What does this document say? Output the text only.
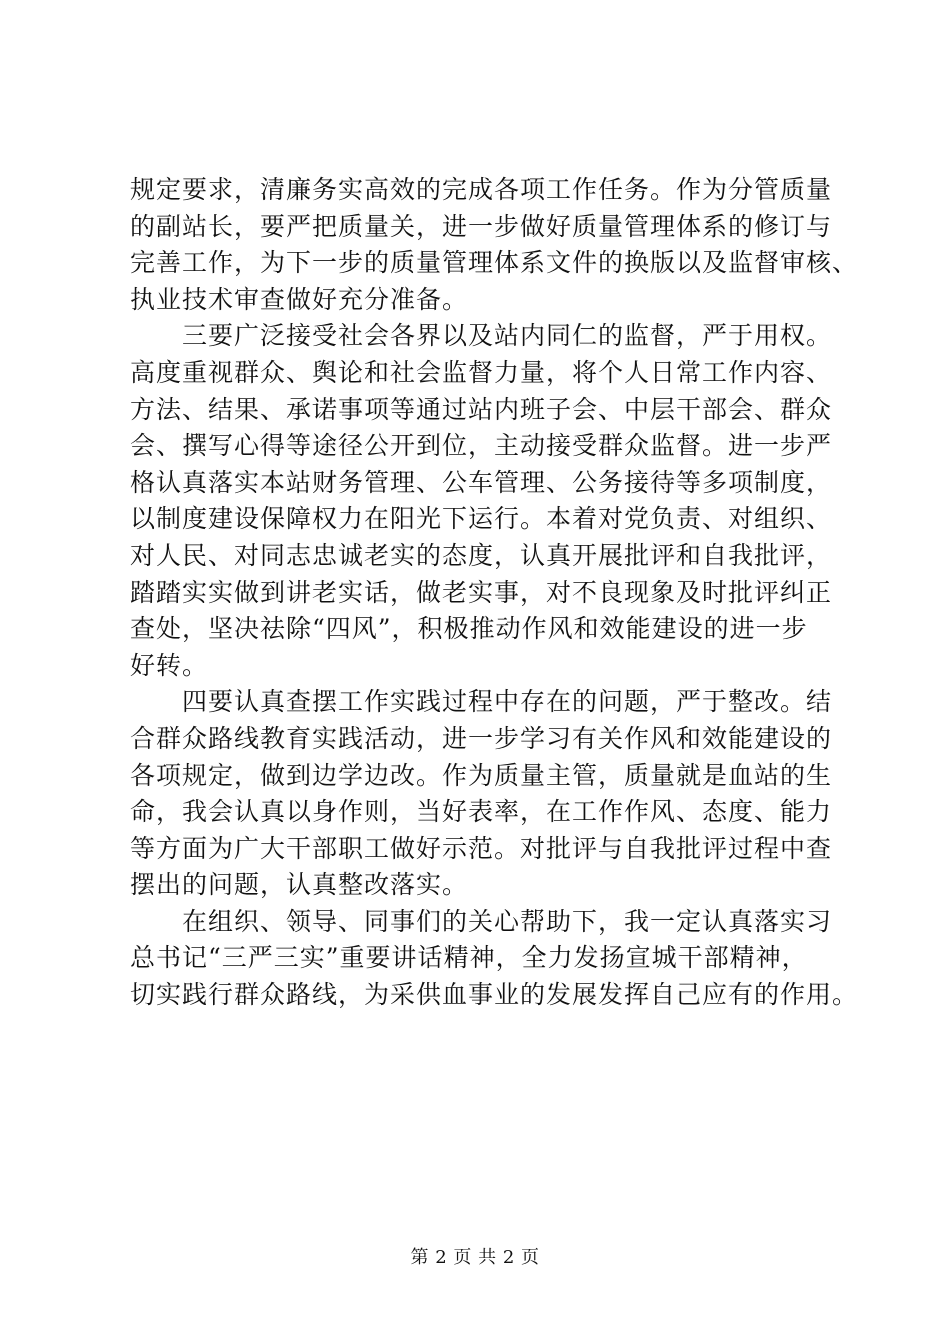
规定要求，清廉务实高效的完成各项工作任务。作为分管质量
的副站长，要严把质量关，进一步做好质量管理体系的修订与
完善工作，为下一步的质量管理体系文件的换版以及监督审核、
执业技术审查做好充分准备。
　　三要广泛接受社会各界以及站内同仁的监督，严于用权。
高度重视群众、舆论和社会监督力量，将个人日常工作内容、
方法、结果、承诺事项等通过站内班子会、中层干部会、群众
会、撰写心得等途径公开到位，主动接受群众监督。进一步严
格认真落实本站财务管理、公车管理、公务接待等多项制度，
以制度建设保障权力在阳光下运行。本着对党负责、对组织、
对人民、对同志忠诚老实的态度，认真开展批评和自我批评，
踏踏实实做到讲老实话，做老实事，对不良现象及时批评纠正
查处，坚决祛除“四风”，积极推动作风和效能建设的进一步
好转。
　　四要认真查摆工作实践过程中存在的问题，严于整改。结
合群众路线教育实践活动，进一步学习有关作风和效能建设的
各项规定，做到边学边改。作为质量主管，质量就是血站的生
命，我会认真以身作则，当好表率，在工作作风、态度、能力
等方面为广大干部职工做好示范。对批评与自我批评过程中查
摆出的问题，认真整改落实。
　　在组织、领导、同事们的关心帮助下，我一定认真落实习
总书记“三严三实”重要讲话精神，全力发扬宣城干部精神，
切实践行群众路线，为采供血事业的发展发挥自己应有的作用。
第 2 页 共 2 页
